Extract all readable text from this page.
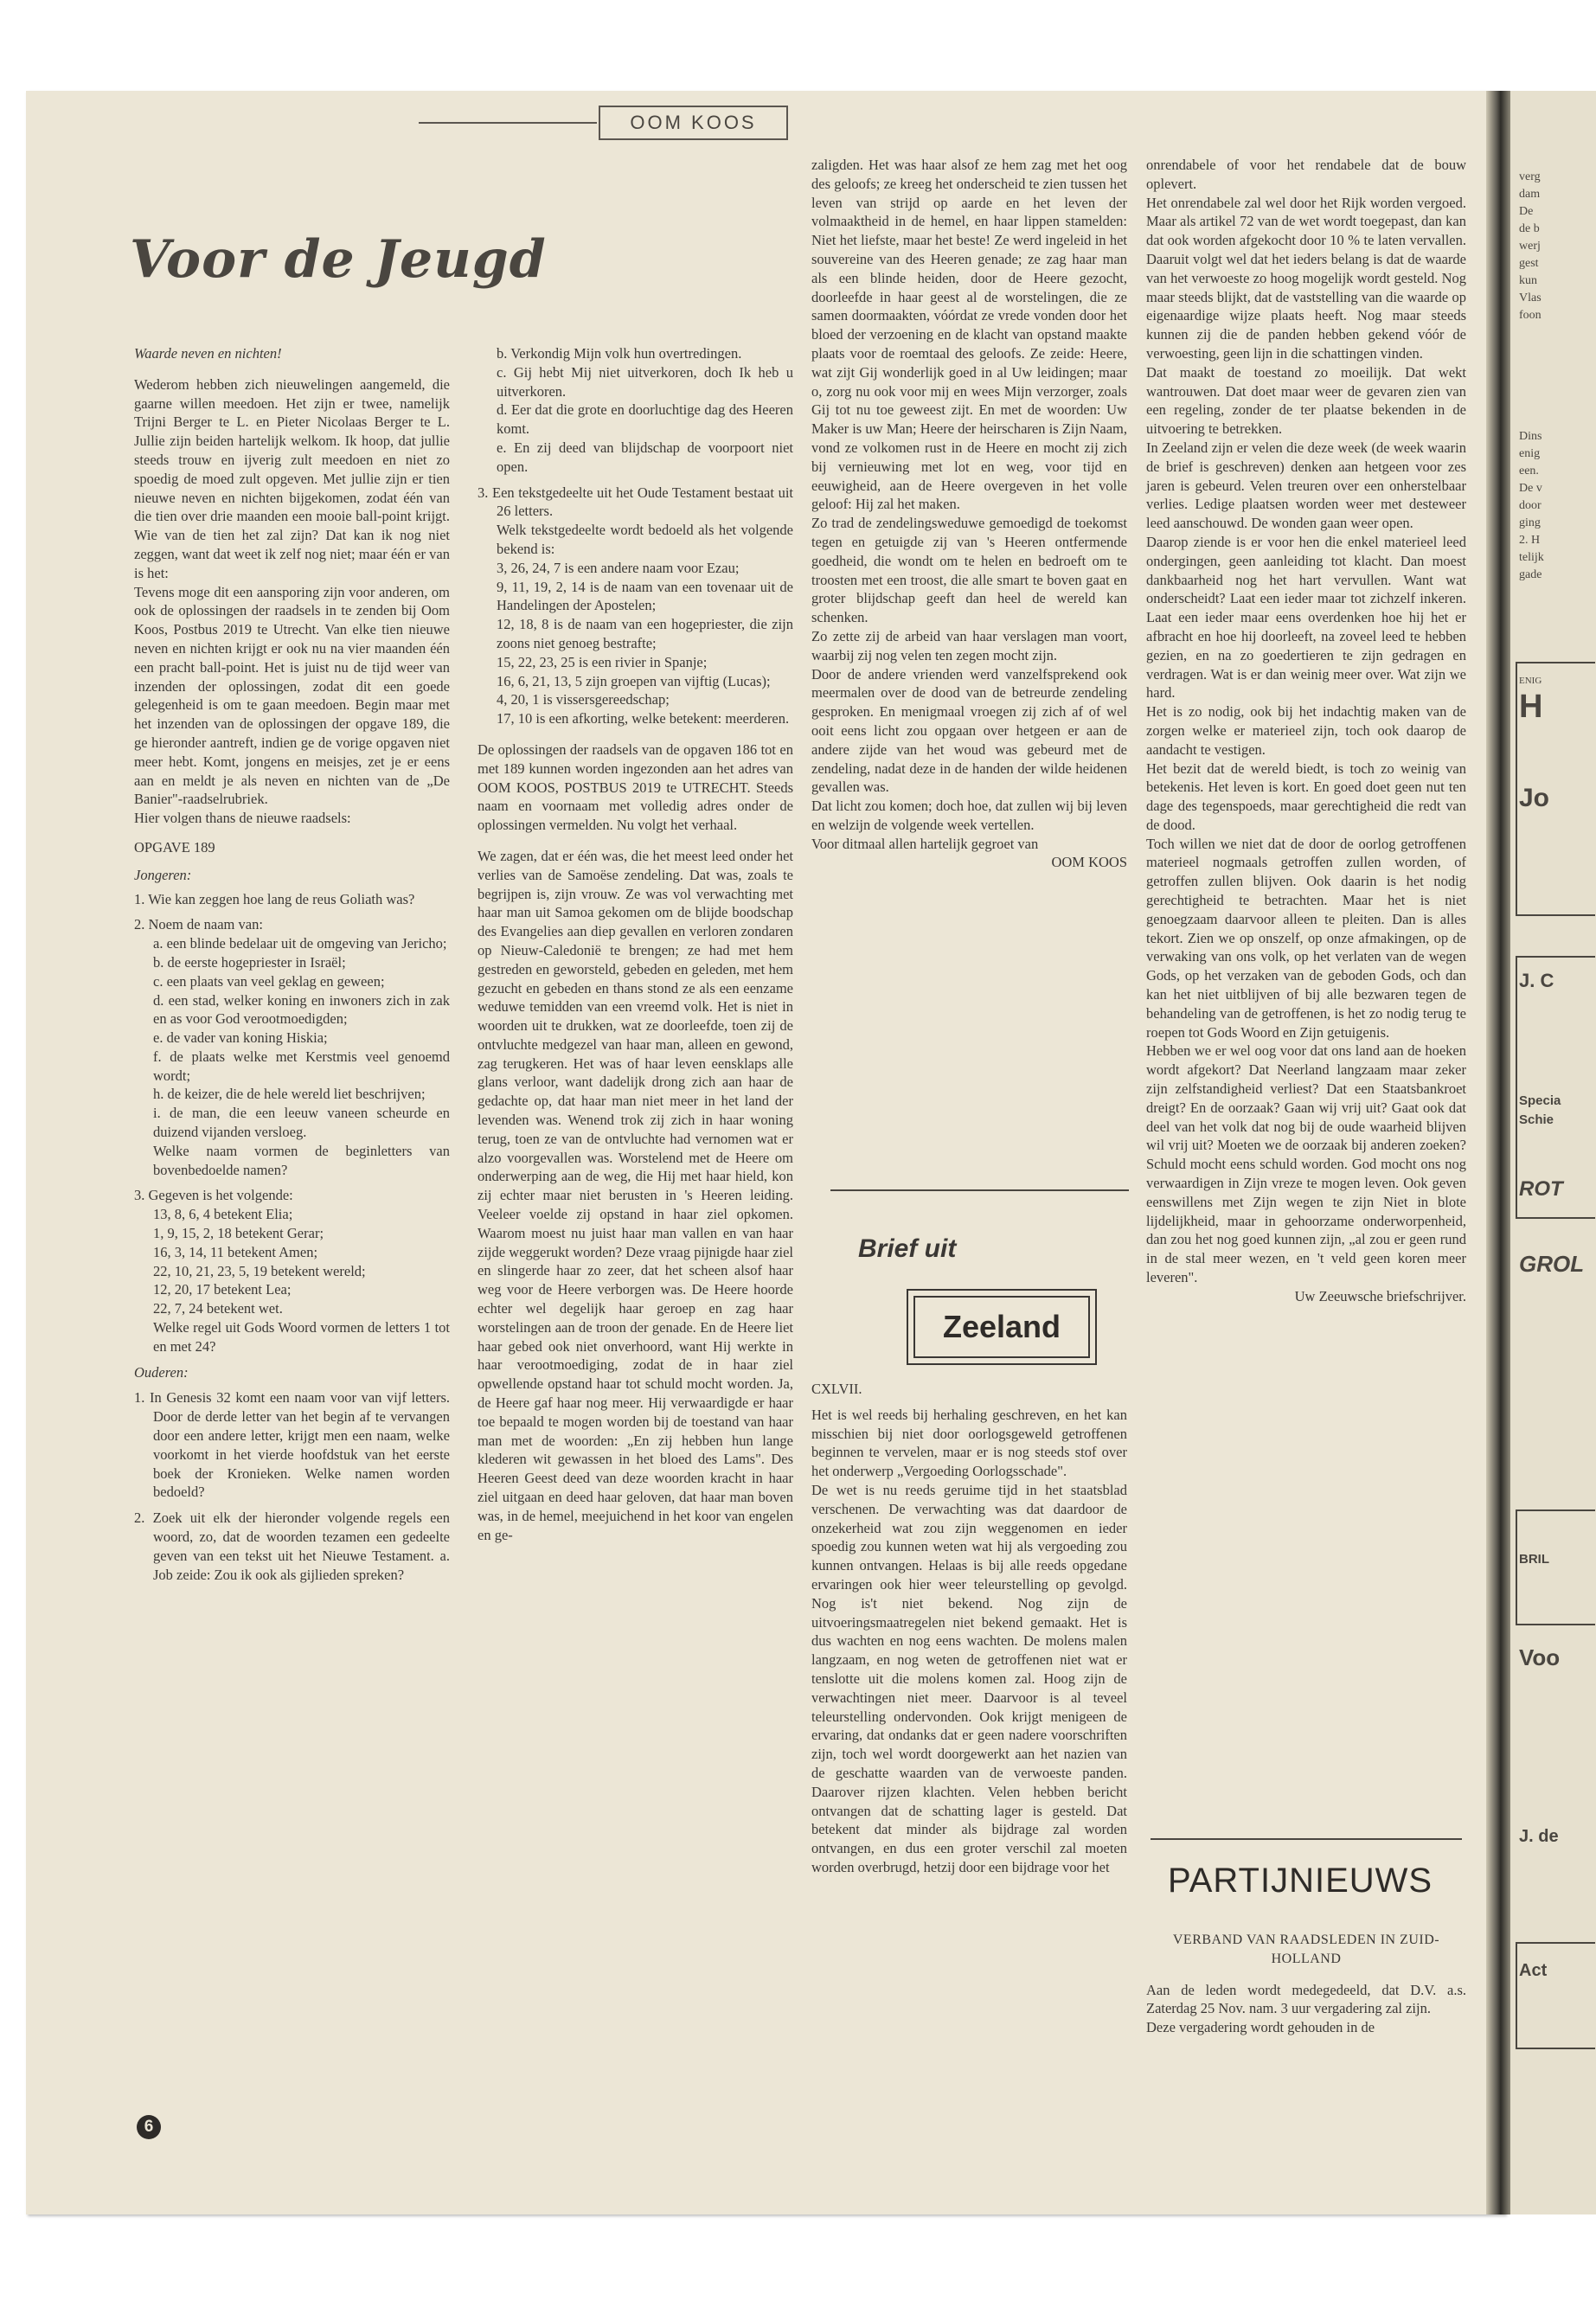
verg
dam
De
de b
werj
gest
kun
Vlas
foon
Dins
enig
een.
De v
door
ging
2. H
telijk
gade
ENIG
H
Jo
J. C
Specia
Schie
ROT
GROL
BRIL
Voo
J. de
Act
OOM KOOS
Voor de Jeugd

Waarde neven en nichten!

Wederom hebben zich nieuwelingen aangemeld, die gaarne willen meedoen. Het zijn er twee, namelijk Trijni Berger te L. en Pieter Nicolaas Berger te L. Jullie zijn beiden hartelijk welkom. Ik hoop, dat jullie steeds trouw en ijverig zult meedoen en niet zo spoedig de moed zult opgeven. Met jullie zijn er tien nieuwe neven en nichten bijgekomen, zodat één van die tien over drie maanden een mooie ball-point krijgt. Wie van de tien het zal zijn? Dat kan ik nog niet zeggen, want dat weet ik zelf nog niet; maar één er van is het:

Tevens moge dit een aansporing zijn voor anderen, om ook de oplossingen der raadsels in te zenden bij Oom Koos, Postbus 2019 te Utrecht. Van elke tien nieuwe neven en nichten krijgt er ook nu na vier maanden één een pracht ball-point. Het is juist nu de tijd weer van inzenden der oplossingen, zodat dit een goede gelegenheid is om te gaan meedoen. Begin maar met het inzenden van de oplossingen der opgave 189, die ge hieronder aantreft, indien ge de vorige opgaven niet meer hebt. Komt, jongens en meisjes, zet je er eens aan en meldt je als neven en nichten van de „De Banier"-raadselrubriek.

Hier volgen thans de nieuwe raadsels:

OPGAVE 189

Jongeren:

1. Wie kan zeggen hoe lang de reus Goliath was?

2. Noem de naam van:

a. een blinde bedelaar uit de omgeving van Jericho;

b. de eerste hogepriester in Israël;

c. een plaats van veel geklag en geween;

d. een stad, welker koning en inwoners zich in zak en as voor God verootmoedigden;

e. de vader van koning Hiskia;

f. de plaats welke met Kerstmis veel genoemd wordt;

h. de keizer, die de hele wereld liet beschrijven;

i. de man, die een leeuw vaneen scheurde en duizend vijanden versloeg.

Welke naam vormen de beginletters van bovenbedoelde namen?

3. Gegeven is het volgende:

13, 8, 6, 4 betekent Elia;

1, 9, 15, 2, 18 betekent Gerar;

16, 3, 14, 11 betekent Amen;

22, 10, 21, 23, 5, 19 betekent wereld;

12, 20, 17 betekent Lea;

22, 7, 24 betekent wet.

Welke regel uit Gods Woord vormen de letters 1 tot en met 24?

Ouderen:

1. In Genesis 32 komt een naam voor van vijf letters. Door de derde letter van het begin af te vervangen door een andere letter, krijgt men een naam, welke voorkomt in het vierde hoofdstuk van het eerste boek der Kronieken. Welke namen worden bedoeld?

2. Zoek uit elk der hieronder volgende regels een woord, zo, dat de woorden tezamen een gedeelte geven van een tekst uit het Nieuwe Testament. a. Job zeide: Zou ik ook als gijlieden spreken?

b. Verkondig Mijn volk hun overtredingen.

c. Gij hebt Mij niet uitverkoren, doch Ik heb u uitverkoren.

d. Eer dat die grote en doorluchtige dag des Heeren komt.

e. En zij deed van blijdschap de voorpoort niet open.

3. Een tekstgedeelte uit het Oude Testament bestaat uit 26 letters.

Welk tekstgedeelte wordt bedoeld als het volgende bekend is:

3, 26, 24, 7 is een andere naam voor Ezau;

9, 11, 19, 2, 14 is de naam van een tovenaar uit de Handelingen der Apostelen;

12, 18, 8 is de naam van een hogepriester, die zijn zoons niet genoeg bestrafte;

15, 22, 23, 25 is een rivier in Spanje;

16, 6, 21, 13, 5 zijn groepen van vijftig (Lucas);

4, 20, 1 is vissersgereedschap;

17, 10 is een afkorting, welke betekent: meerderen.

De oplossingen der raadsels van de opgaven 186 tot en met 189 kunnen worden ingezonden aan het adres van OOM KOOS, POSTBUS 2019 te UTRECHT. Steeds naam en voornaam met volledig adres onder de oplossingen vermelden. Nu volgt het verhaal.

We zagen, dat er één was, die het meest leed onder het verlies van de Samoëse zendeling. Dat was, zoals te begrijpen is, zijn vrouw. Ze was vol verwachting met haar man uit Samoa gekomen om de blijde boodschap des Evangelies aan diep gevallen en verloren zondaren op Nieuw-Caledonië te brengen; ze had met hem gestreden en geworsteld, gebeden en geleden, met hem gezucht en gebeden en thans stond ze als een eenzame weduwe temidden van een vreemd volk. Het is niet in woorden uit te drukken, wat ze doorleefde, toen zij de ontvluchte medgezel van haar man, alleen en gewond, zag terugkeren. Het was of haar leven eensklaps alle glans verloor, want dadelijk drong zich aan haar de gedachte op, dat haar man niet meer in het land der levenden was. Wenend trok zij zich in haar woning terug, toen ze van de ontvluchte had vernomen wat er alzo voorgevallen was. Worstelend met de Heere om onderwerping aan de weg, die Hij met haar hield, kon zij echter maar niet berusten in 's Heeren leiding. Veeleer voelde zij opstand in haar ziel opkomen. Waarom moest nu juist haar man vallen en van haar zijde weggerukt worden? Deze vraag pijnigde haar ziel en slingerde haar zo zeer, dat het scheen alsof haar weg voor de Heere verborgen was. De Heere hoorde echter wel degelijk haar geroep en zag haar worstelingen aan de troon der genade. En de Heere liet haar gebed ook niet onverhoord, want Hij werkte in haar verootmoediging, zodat de in haar ziel opwellende opstand haar tot schuld mocht worden. Ja, de Heere gaf haar nog meer. Hij verwaardigde er haar toe bepaald te mogen worden bij de toestand van haar man met de woorden: „En zij hebben hun lange klederen wit gewassen in het bloed des Lams". Des Heeren Geest deed van deze woorden kracht in haar ziel uitgaan en deed haar geloven, dat haar man boven was, in de hemel, meejuichend in het koor van engelen en ge-

zaligden. Het was haar alsof ze hem zag met het oog des geloofs; ze kreeg het onderscheid te zien tussen het leven van strijd op aarde en het leven der volmaaktheid in de hemel, en haar lippen stamelden: Niet het liefste, maar het beste! Ze werd ingeleid in het souvereine van des Heeren genade; ze zag haar man als een blinde heiden, door de Heere gezocht, doorleefde in haar geest al de worstelingen, die ze samen doormaakten, vóórdat ze vrede vonden door het bloed der verzoening en de klacht van opstand maakte plaats voor de roemtaal des geloofs. Ze zeide: Heere, wat zijt Gij wonderlijk goed in al Uw leidingen; maar o, zorg nu ook voor mij en wees Mijn verzorger, zoals Gij tot nu toe geweest zijt. En met de woorden: Uw Maker is uw Man; Heere der heirscharen is Zijn Naam, vond ze volkomen rust in de Heere en mocht zij zich bij vernieuwing met lot en weg, voor tijd en eeuwigheid, aan de Heere overgeven in het volle geloof: Hij zal het maken.

Zo trad de zendelingsweduwe gemoedigd de toekomst tegen en getuigde zij van 's Heeren ontfermende goedheid, die wondt om te helen en bedroeft om te troosten met een troost, die alle smart te boven gaat en groter blijdschap geeft dan heel de wereld kan schenken.

Zo zette zij de arbeid van haar verslagen man voort, waarbij zij nog velen ten zegen mocht zijn.

Door de andere vrienden werd vanzelfsprekend ook meermalen over de dood van de betreurde zendeling gesproken. En menigmaal vroegen zij zich af of wel ooit eens licht zou opgaan over hetgeen er aan de andere zijde van het woud was gebeurd met de zendeling, nadat deze in de handen der wilde heidenen gevallen was.

Dat licht zou komen; doch hoe, dat zullen wij bij leven en welzijn de volgende week vertellen.

Voor ditmaal allen hartelijk gegroet van

OOM KOOS

Brief uit
Zeeland

CXLVII.

Het is wel reeds bij herhaling geschreven, en het kan misschien bij niet door oorlogsgeweld getroffenen beginnen te vervelen, maar er is nog steeds stof over het onderwerp „Vergoeding Oorlogsschade".

De wet is nu reeds geruime tijd in het staatsblad verschenen. De verwachting was dat daardoor de onzekerheid wat zou zijn weggenomen en ieder spoedig zou kunnen weten wat hij als vergoeding zou kunnen ontvangen. Helaas is bij alle reeds opgedane ervaringen ook hier weer teleurstelling op gevolgd. Nog is't niet bekend. Nog zijn de uitvoeringsmaatregelen niet bekend gemaakt. Het is dus wachten en nog eens wachten. De molens malen langzaam, en nog weten de getroffenen niet wat er tenslotte uit die molens komen zal. Hoog zijn de verwachtingen niet meer. Daarvoor is al teveel teleurstelling ondervonden. Ook krijgt menigeen de ervaring, dat ondanks dat er geen nadere voorschriften zijn, toch wel wordt doorgewerkt aan het nazien van de geschatte waarden van de verwoeste panden. Daarover rijzen klachten. Velen hebben bericht ontvangen dat de schatting lager is gesteld. Dat betekent dat minder als bijdrage zal worden ontvangen, en dus een groter verschil zal moeten worden overbrugd, hetzij door een bijdrage voor het

onrendabele of voor het rendabele dat de bouw oplevert.

Het onrendabele zal wel door het Rijk worden vergoed. Maar als artikel 72 van de wet wordt toegepast, dan kan dat ook worden afgekocht door 10 % te laten vervallen. Daaruit volgt wel dat het ieders belang is dat de waarde van het verwoeste zo hoog mogelijk wordt gesteld. Nog maar steeds blijkt, dat de vaststelling van die waarde op eigenaardige wijze plaats heeft. Nog maar steeds kunnen zij die de panden hebben gekend vóór de verwoesting, geen lijn in die schattingen vinden.

Dat maakt de toestand zo moeilijk. Dat wekt wantrouwen. Dat doet maar weer de gevaren zien van een regeling, zonder de ter plaatse bekenden in de uitvoering te betrekken.

In Zeeland zijn er velen die deze week (de week waarin de brief is geschreven) denken aan hetgeen voor zes jaren is gebeurd. Velen treuren over een onherstelbaar verlies. Ledige plaatsen worden weer met desteweer leed aanschouwd. De wonden gaan weer open.

Daarop ziende is er voor hen die enkel materieel leed ondergingen, geen aanleiding tot klacht. Dan moest dankbaarheid nog het hart vervullen. Want wat onderscheidt? Laat een ieder maar tot zichzelf inkeren. Laat een ieder maar eens overdenken hoe hij het er afbracht en hoe hij doorleeft, na zoveel leed te hebben gezien, en na zo goedertieren te zijn gedragen en verdragen. Wat is er dan weinig meer over. Wat zijn we hard.

Het is zo nodig, ook bij het indachtig maken van de zorgen welke er materieel zijn, toch ook daarop de aandacht te vestigen.

Het bezit dat de wereld biedt, is toch zo weinig van betekenis. Het leven is kort. En goed doet geen nut ten dage des tegenspoeds, maar gerechtigheid die redt van de dood.

Toch willen we niet dat de door de oorlog getroffenen materieel nogmaals getroffen zullen worden, of getroffen zullen blijven. Ook daarin is het nodig gerechtigheid te betrachten. Maar het is niet genoegzaam daarvoor alleen te pleiten. Dan is alles tekort. Zien we op onszelf, op onze afmakingen, op de verwaking van ons volk, op het verlaten van de wegen Gods, op het verzaken van de geboden Gods, och dan kan het niet uitblijven of bij alle bezwaren tegen de behandeling van de getroffenen, is het zo nodig terug te roepen tot Gods Woord en Zijn getuigenis.

Hebben we er wel oog voor dat ons land aan de hoeken wordt afgekort? Dat Neerland langzaam maar zeker zijn zelfstandigheid verliest? Dat een Staatsbankroet dreigt? En de oorzaak? Gaan wij vrij uit? Gaat ook dat deel van het volk dat nog bij de oude waarheid blijven wil vrij uit? Moeten we de oorzaak bij anderen zoeken? Schuld mocht eens schuld worden. God mocht ons nog verwaardigen in Zijn vreze te mogen leven. Ook geven eenswillens met Zijn wegen te zijn Niet in blote lijdelijkheid, maar in gehoorzame onderworpenheid, dan zou het nog goed kunnen zijn, „al zou er geen rund in de stal meer wezen, en 't veld geen koren meer leveren".

Uw Zeeuwsche briefschrijver.

PARTIJNIEUWS

VERBAND VAN RAADSLEDEN IN ZUID-HOLLAND

Aan de leden wordt medegedeeld, dat D.V. a.s. Zaterdag 25 Nov. nam. 3 uur vergadering zal zijn.

Deze vergadering wordt gehouden in de

6
